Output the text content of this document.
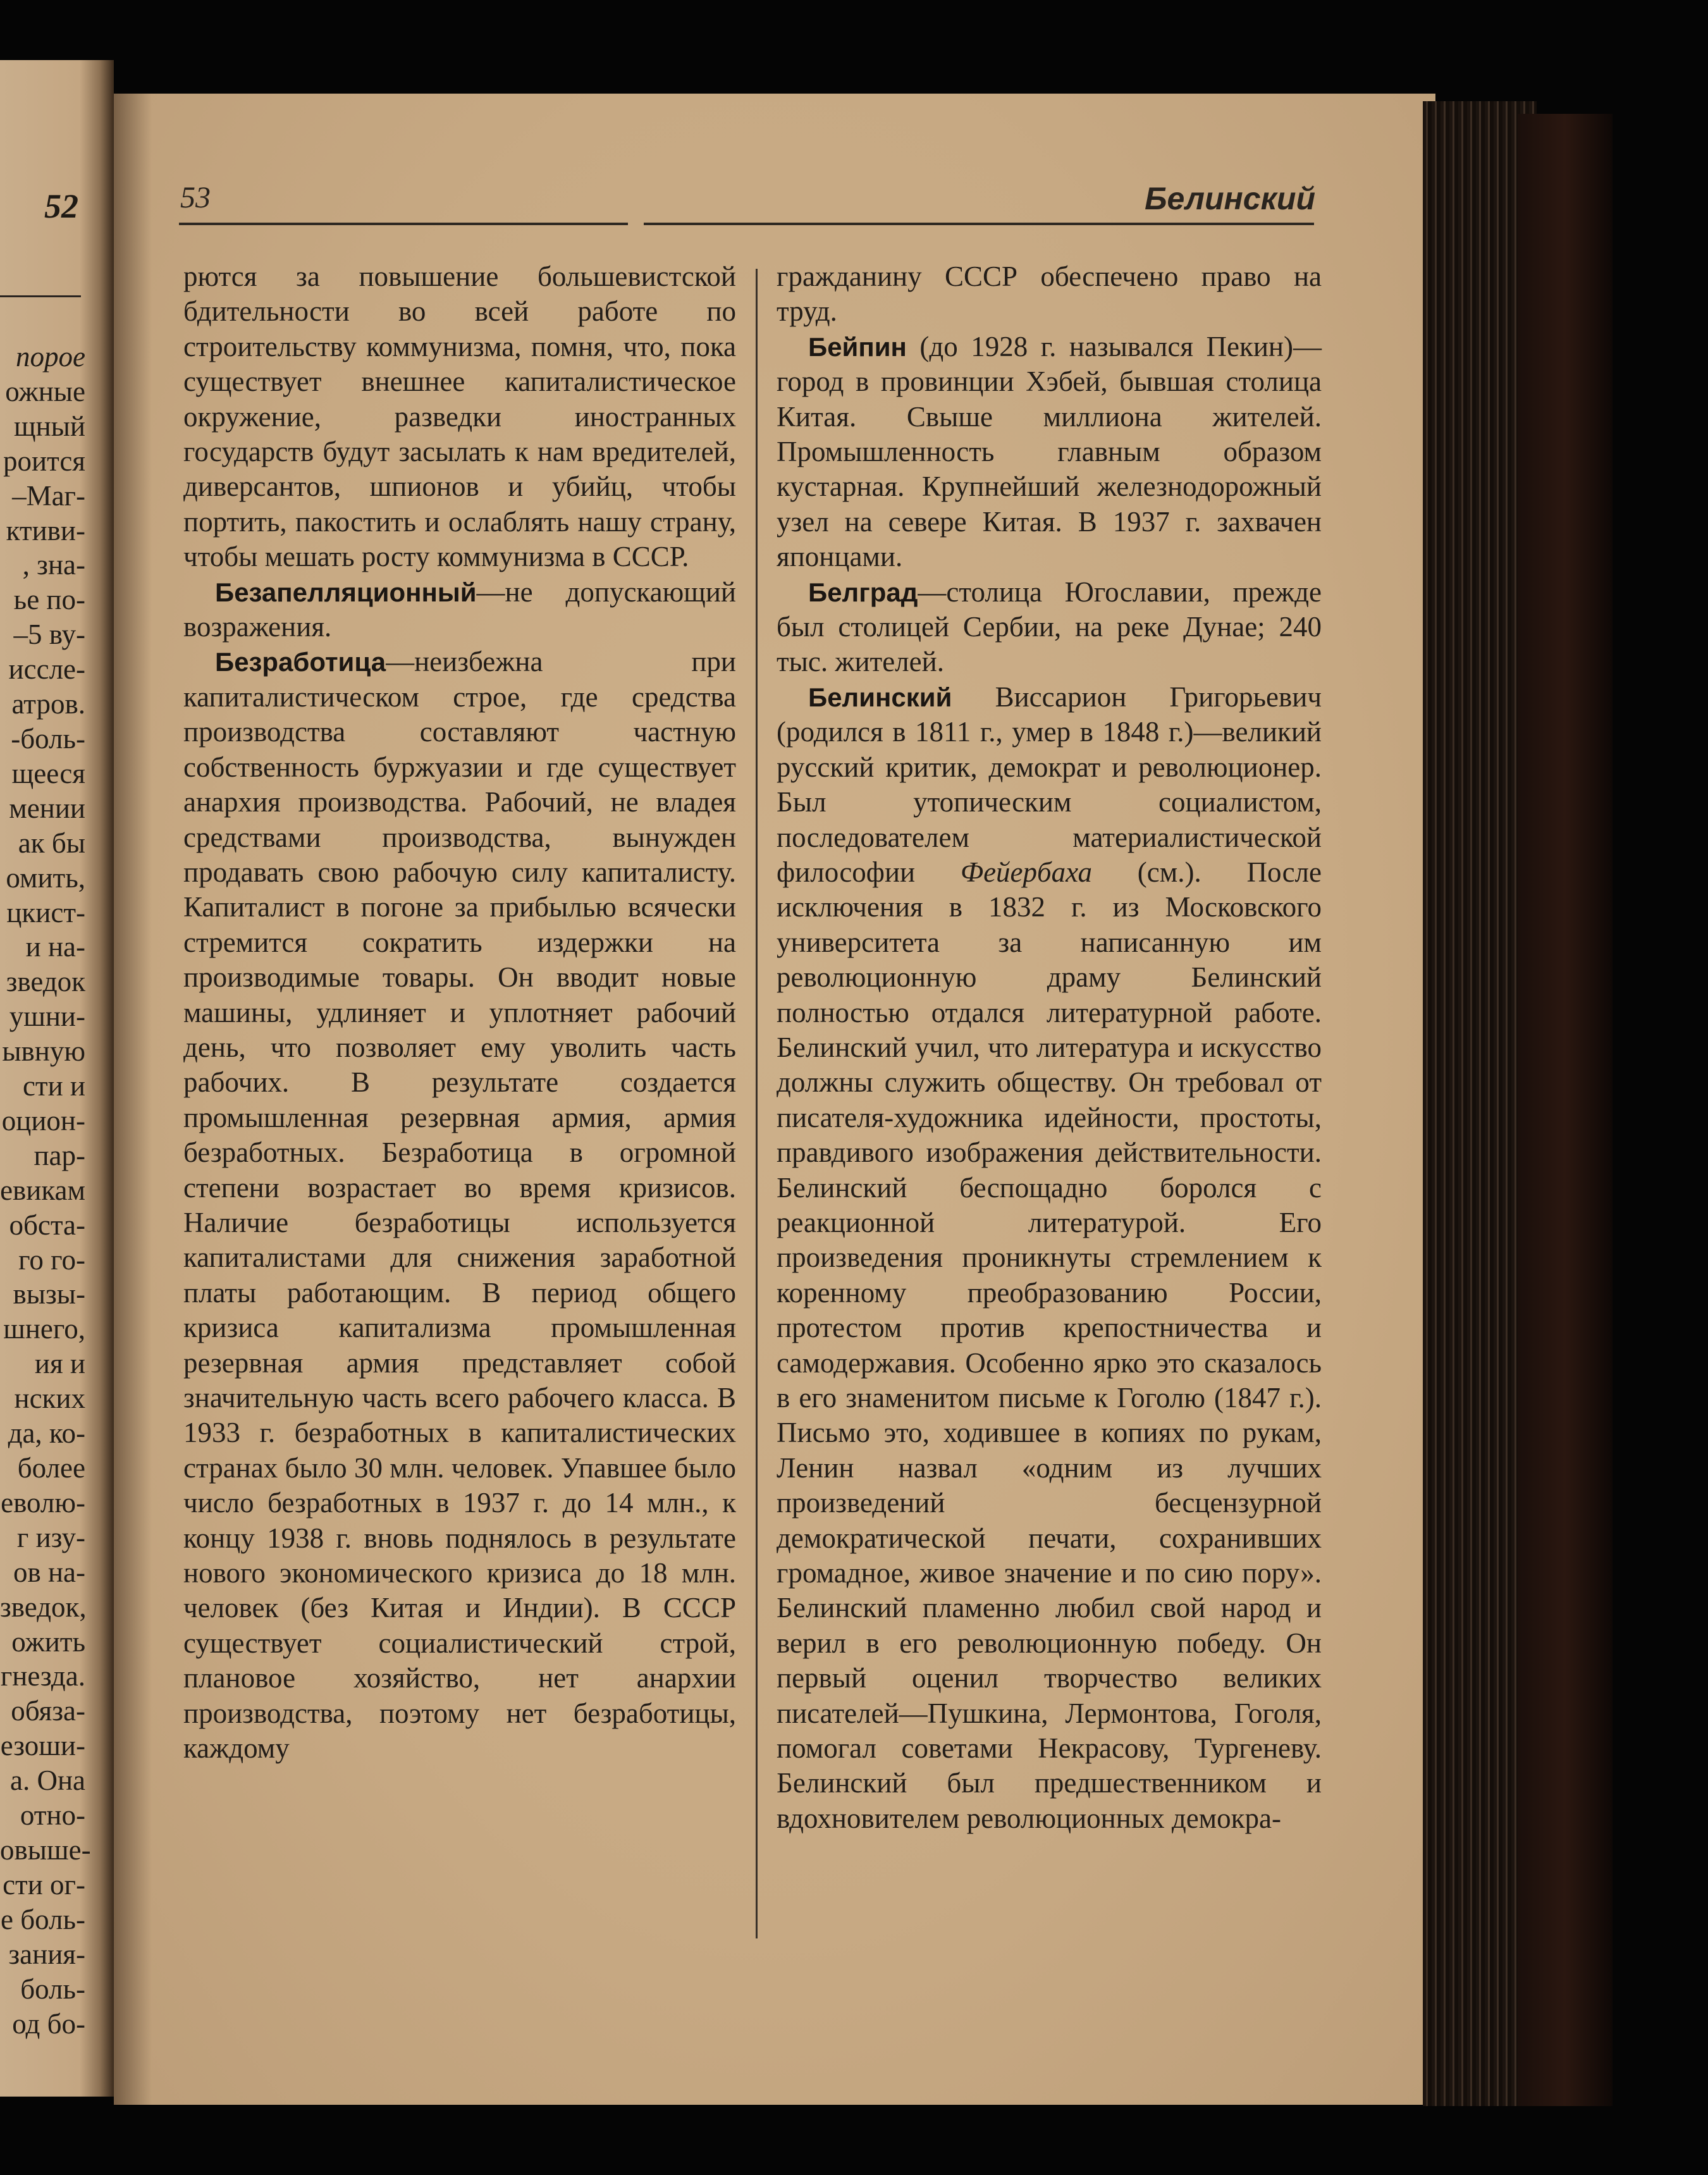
52
порое
ожные
щный
роится
–Маг-
ктиви-
, зна-
ье по-
–5 ву-
иссле-
атров.
-боль-
щееся
мении
ак бы
омить,
цкист-
и на-
зведок
ушни-
ывную
сти и
оцион-
пар-
евикам
обста-
го го-
вызы-
шнего,
ия и
нских
да, ко-
более
еволю-
г изу-
ов на-
зведок,
ожить
гнезда.
обяза-
езоши-
а. Она
отно-
овыше-
сти ог-
е боль-
зания-
боль-
од бо-
53	Белинский

рются за повышение большевистской бдительности во всей работе по строительству коммунизма, помня, что, пока существует внешнее капиталистическое окружение, разведки иностранных государств будут засылать к нам вредителей, диверсантов, шпионов и убийц, чтобы портить, пакостить и ослаблять нашу страну, чтобы мешать росту коммунизма в СССР.

Безапелляционный—не допускающий возражения.

Безработица—неизбежна при капиталистическом строе, где средства производства составляют частную собственность буржуазии и где существует анархия производства. Рабочий, не владея средствами производства, вынужден продавать свою рабочую силу капиталисту. Капиталист в погоне за прибылью всячески стремится сократить издержки на производимые товары. Он вводит новые машины, удлиняет и уплотняет рабочий день, что позволяет ему уволить часть рабочих. В результате создается промышленная резервная армия, армия безработных. Безработица в огромной степени возрастает во время кризисов. Наличие безработицы используется капиталистами для снижения заработной платы работающим. В период общего кризиса капитализма промышленная резервная армия представляет собой значительную часть всего рабочего класса. В 1933 г. безработных в капиталистических странах было 30 млн. человек. Упавшее было число безработных в 1937 г. до 14 млн., к концу 1938 г. вновь поднялось в результате нового экономического кризиса до 18 млн. человек (без Китая и Индии). В СССР существует социалистический строй, плановое хозяйство, нет анархии производства, поэтому нет безработицы, каждому

гражданину СССР обеспечено право на труд.

Бейпин (до 1928 г. назывался Пекин)—город в провинции Хэбей, бывшая столица Китая. Свыше миллиона жителей. Промышленность главным образом кустарная. Крупнейший железнодорожный узел на севере Китая. В 1937 г. захвачен японцами.

Белград—столица Югославии, прежде был столицей Сербии, на реке Дунае; 240 тыс. жителей.

Белинский Виссарион Григорьевич (родился в 1811 г., умер в 1848 г.)—великий русский критик, демократ и революционер. Был утопическим социалистом, последователем материалистической философии Фейербаха (см.). После исключения в 1832 г. из Московского университета за написанную им революционную драму Белинский полностью отдался литературной работе. Белинский учил, что литература и искусство должны служить обществу. Он требовал от писателя-художника идейности, простоты, правдивого изображения действительности. Белинский беспощадно боролся с реакционной литературой. Его произведения проникнуты стремлением к коренному преобразованию России, протестом против крепостничества и самодержавия. Особенно ярко это сказалось в его знаменитом письме к Гоголю (1847 г.). Письмо это, ходившее в копиях по рукам, Ленин назвал «одним из лучших произведений бесцензурной демократической печати, сохранивших громадное, живое значение и по сию пору». Белинский пламенно любил свой народ и верил в его революционную победу. Он первый оценил творчество великих писателей—Пушкина, Лермонтова, Гоголя, помогал советами Некрасову, Тургеневу. Белинский был предшественником и вдохновителем революционных демокра-
